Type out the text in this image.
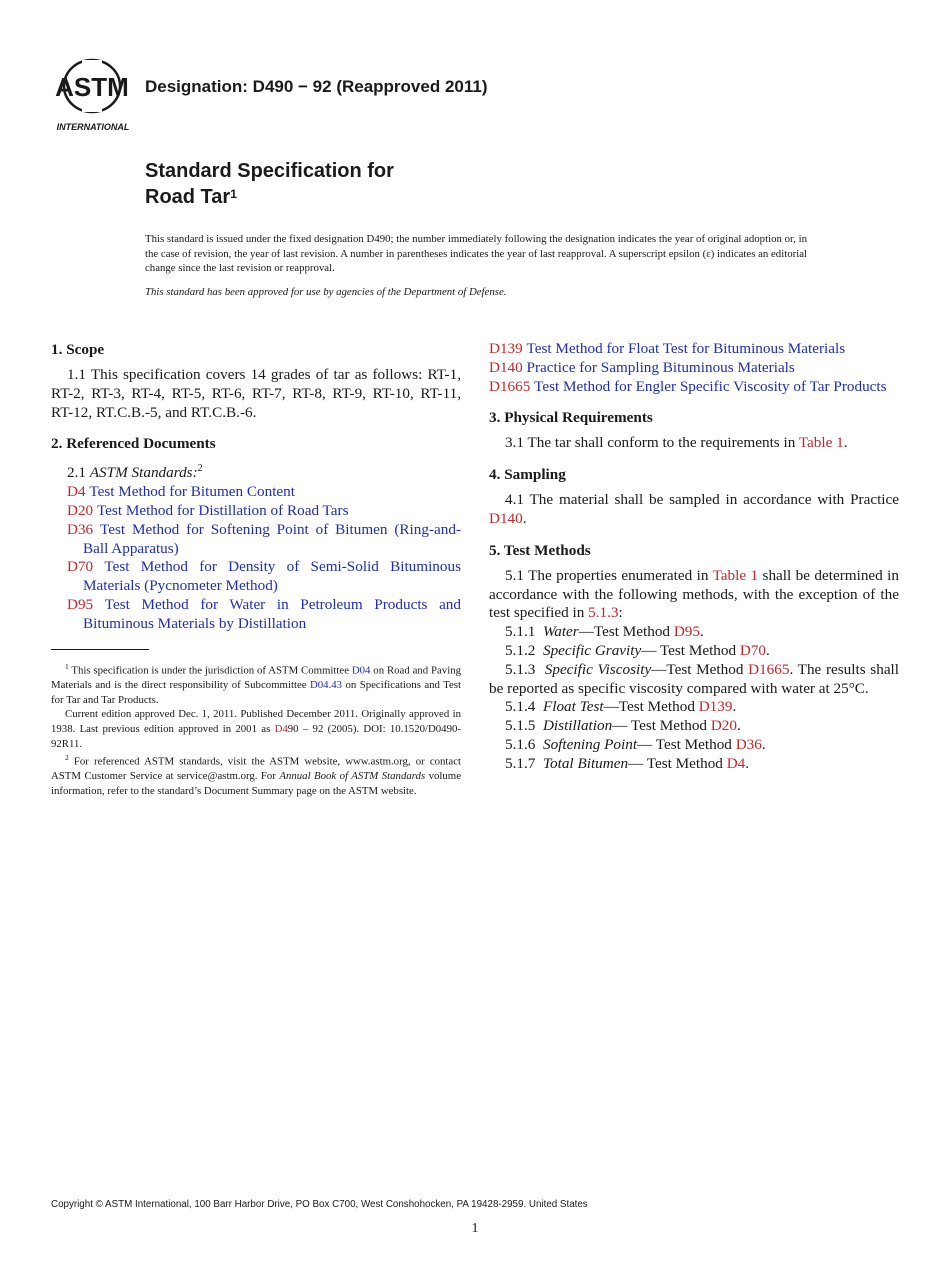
ASTM
INTERNATIONAL
Designation: D490 − 92 (Reapproved 2011)
Standard Specification for
Road Tar$^1$
This standard is issued under the fixed designation D490; the number immediately following the designation indicates the year of original adoption or, in the case of revision, the year of last revision. A number in parentheses indicates the year of last reapproval. A superscript epsilon (ε) indicates an editorial change since the last revision or reapproval.
This standard has been approved for use by agencies of the Department of Defense.
1. Scope

1.1 This specification covers 14 grades of tar as follows: RT-1, RT-2, RT-3, RT-4, RT-5, RT-6, RT-7, RT-8, RT-9, RT-10, RT-11, RT-12, RT.C.B.-5, and RT.C.B.-6.

2. Referenced Documents

2.1 ASTM Standards:$^2$

D4 Test Method for Bitumen Content

D20 Test Method for Distillation of Road Tars

D36 Test Method for Softening Point of Bitumen (Ring-and-Ball Apparatus)

D70 Test Method for Density of Semi-Solid Bituminous Materials (Pycnometer Method)

D95 Test Method for Water in Petroleum Products and Bituminous Materials by Distillation

$^1$ This specification is under the jurisdiction of ASTM Committee D04 on Road and Paving Materials and is the direct responsibility of Subcommittee D04.43 on Specifications and Test for Tar and Tar Products.

Current edition approved Dec. 1, 2011. Published December 2011. Originally approved in 1938. Last previous edition approved in 2001 as D490 – 92 (2005). DOI: 10.1520/D0490-92R11.

$^2$ For referenced ASTM standards, visit the ASTM website, www.astm.org, or contact ASTM Customer Service at service@astm.org. For Annual Book of ASTM Standards volume information, refer to the standard’s Document Summary page on the ASTM website.

D139 Test Method for Float Test for Bituminous Materials

D140 Practice for Sampling Bituminous Materials

D1665 Test Method for Engler Specific Viscosity of Tar Products

3. Physical Requirements

3.1 The tar shall conform to the requirements in Table 1.

4. Sampling

4.1 The material shall be sampled in accordance with Practice D140.

5. Test Methods

5.1 The properties enumerated in Table 1 shall be determined in accordance with the following methods, with the exception of the test specified in 5.1.3:

5.1.1 Water—Test Method D95.

5.1.2 Specific Gravity— Test Method D70.

5.1.3 Specific Viscosity—Test Method D1665. The results shall be reported as specific viscosity compared with water at 25°C.

5.1.4 Float Test—Test Method D139.

5.1.5 Distillation— Test Method D20.

5.1.6 Softening Point— Test Method D36.

5.1.7 Total Bitumen— Test Method D4.

Copyright © ASTM International, 100 Barr Harbor Drive, PO Box C700, West Conshohocken, PA 19428-2959. United States
1
